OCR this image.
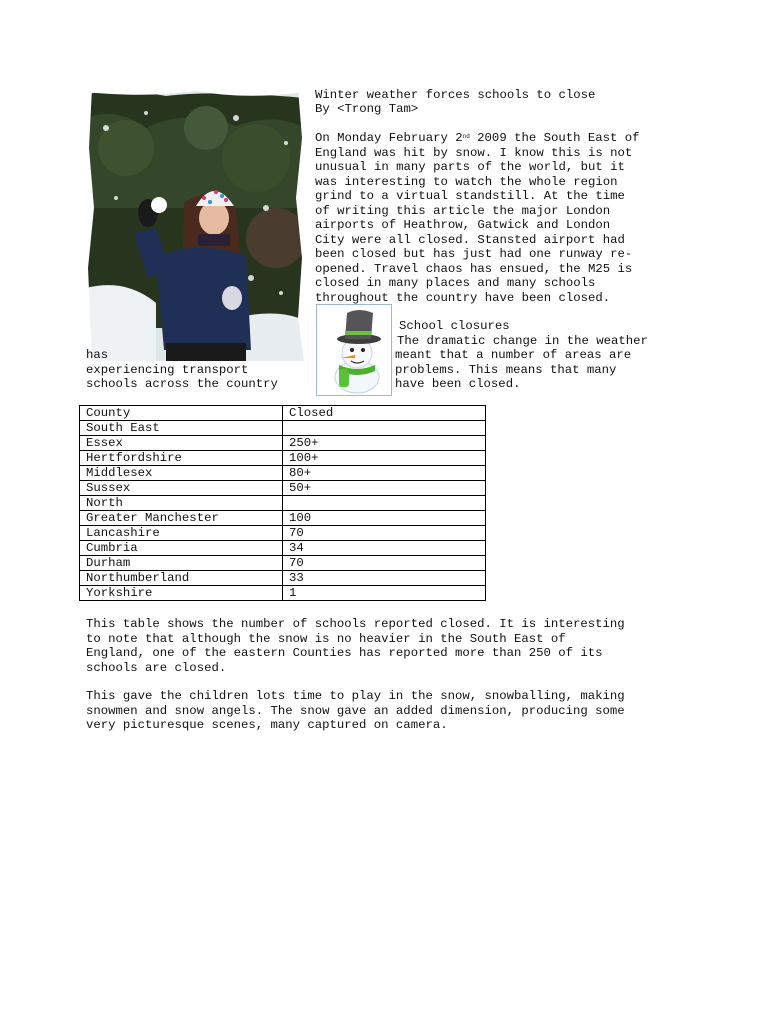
Winter weather forces schools to close
By <Trong Tam>
On Monday February 2nd 2009 the South East of
England was hit by snow. I know this is not
unusual in many parts of the world, but it
was interesting to watch the whole region
grind to a virtual standstill. At the time
of writing this article the major London
airports of Heathrow, Gatwick and London
City were all closed. Stansted airport had
been closed but has just had one runway re-
opened. Travel chaos has ensued, the M25 is
closed in many places and many schools
throughout the country have been closed.
School closures
The dramatic change in the weather
meant that a number of areas are
problems. This means that many
have been closed.
has
experiencing transport
schools across the country
County	Closed
South East	
Essex	250+
Hertfordshire	100+
Middlesex	80+
Sussex	50+
North	
Greater Manchester	100
Lancashire	70
Cumbria	34
Durham	70
Northumberland	33
Yorkshire	1
This table shows the number of schools reported closed. It is interesting
to note that although the snow is no heavier in the South East of
England, one of the eastern Counties has reported more than 250 of its
schools are closed.
This gave the children lots time to play in the snow, snowballing, making
snowmen and snow angels. The snow gave an added dimension, producing some
very picturesque scenes, many captured on camera.
